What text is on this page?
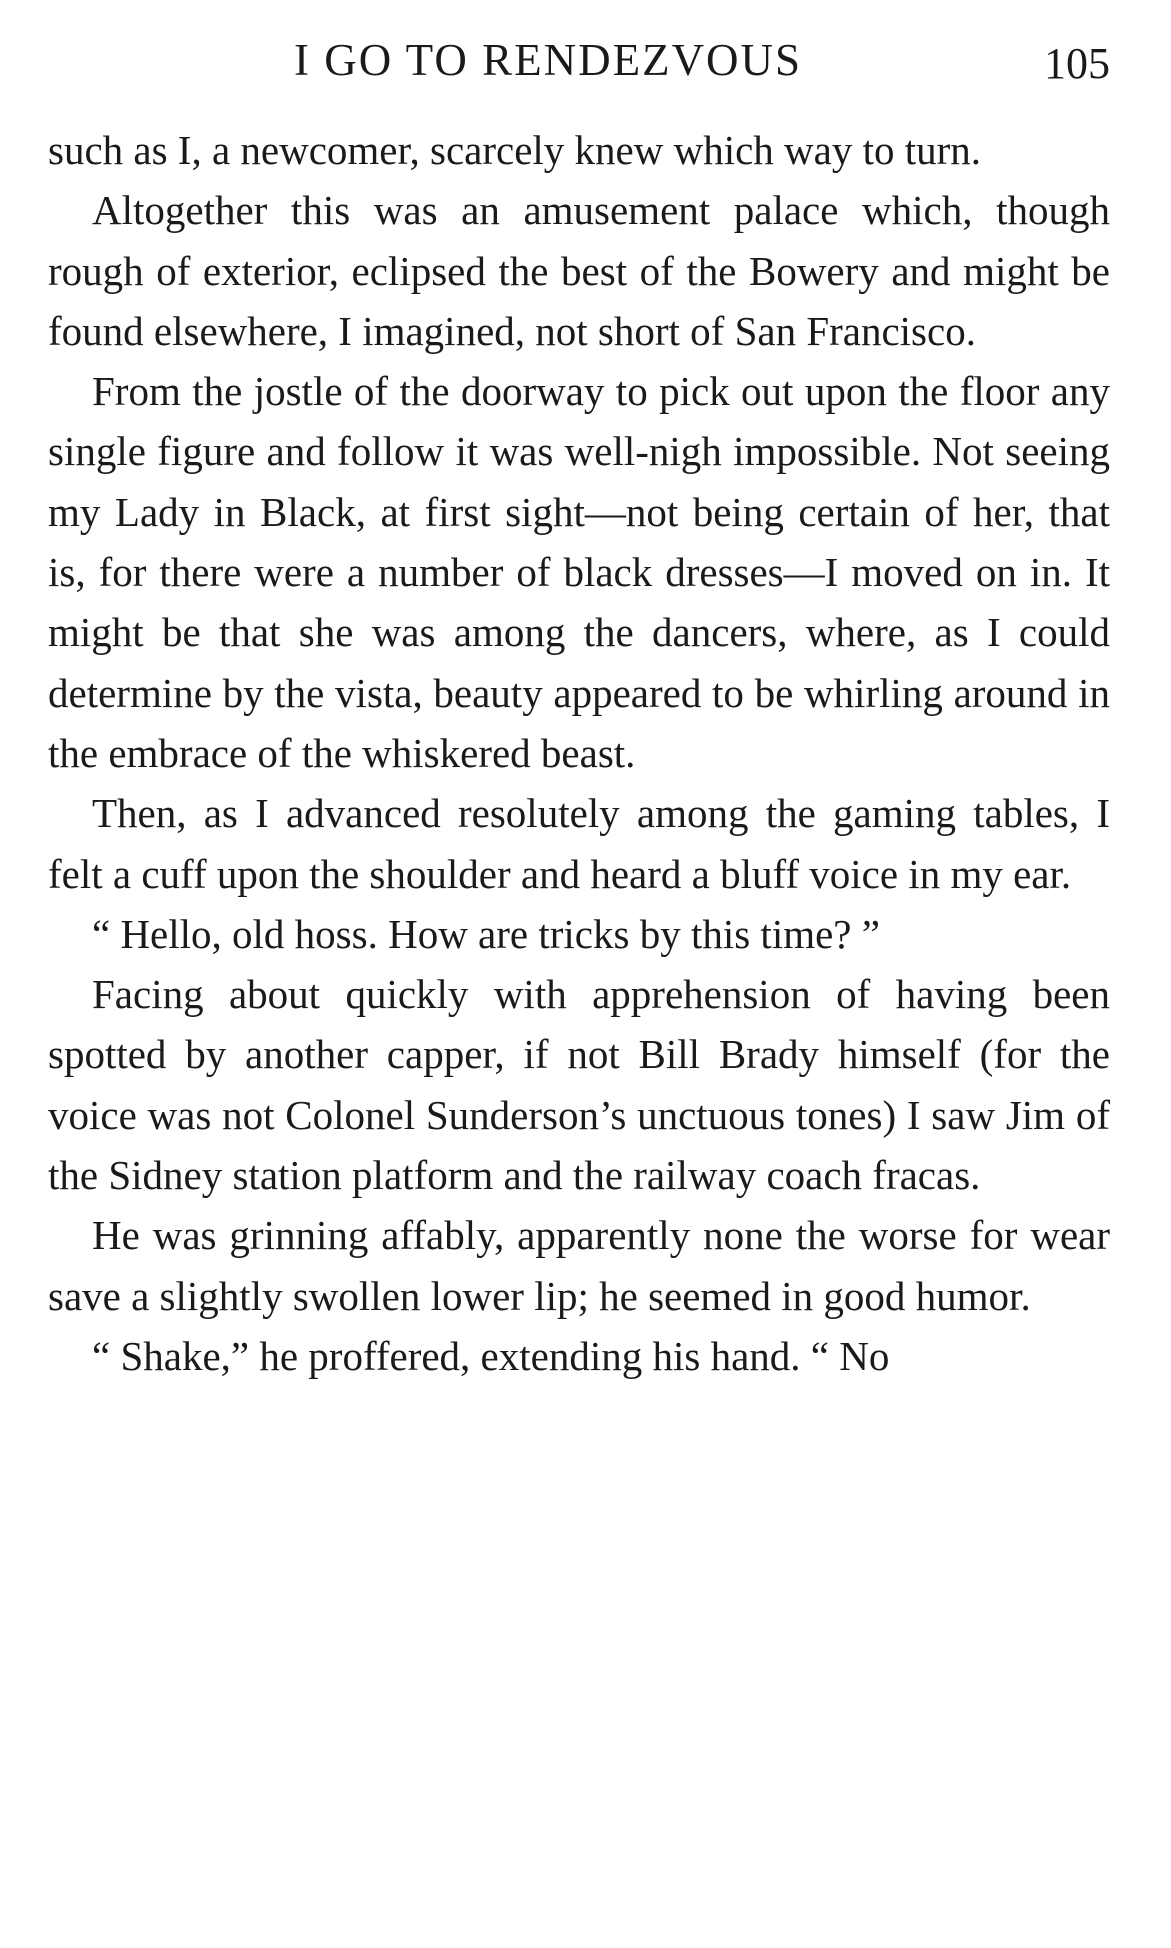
I GO TO RENDEZVOUS	105

such as I, a newcomer, scarcely knew which way to turn.

Altogether this was an amusement palace which, though rough of exterior, eclipsed the best of the Bowery and might be found elsewhere, I imagined, not short of San Francisco.

From the jostle of the doorway to pick out upon the floor any single figure and follow it was well-nigh impossible. Not seeing my Lady in Black, at first sight—not being certain of her, that is, for there were a number of black dresses—I moved on in. It might be that she was among the dancers, where, as I could determine by the vista, beauty appeared to be whirling around in the embrace of the whiskered beast.

Then, as I advanced resolutely among the gaming tables, I felt a cuff upon the shoulder and heard a bluff voice in my ear.

“ Hello, old hoss. How are tricks by this time? ”

Facing about quickly with apprehension of having been spotted by another capper, if not Bill Brady himself (for the voice was not Colonel Sunderson’s unctuous tones) I saw Jim of the Sidney station platform and the railway coach fracas.

He was grinning affably, apparently none the worse for wear save a slightly swollen lower lip; he seemed in good humor.

“ Shake,” he proffered, extending his hand. “ No
